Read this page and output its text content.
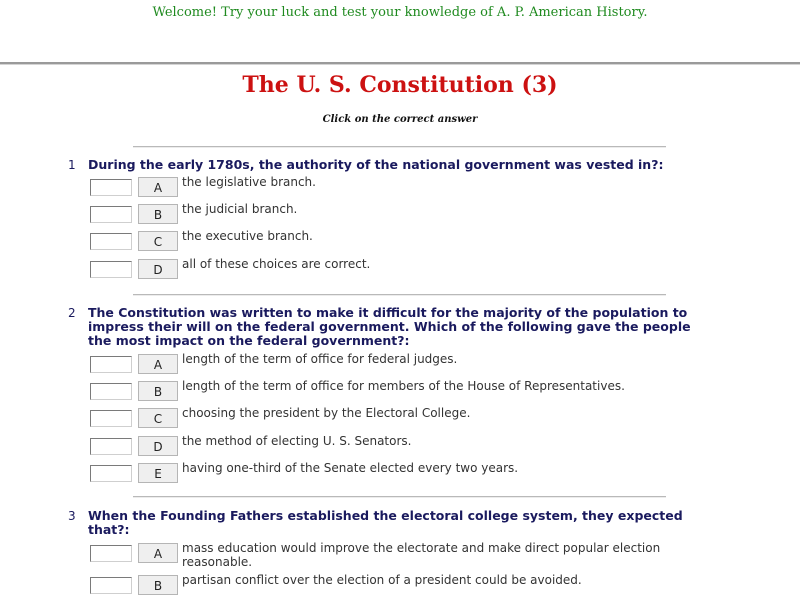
Welcome! Try your luck and test your knowledge of A. P. American History.
The U. S. Constitution (3)
Click on the correct answer
1 During the early 1780s, the authority of the national government was vested in?:
A	the legislative branch.
B	the judicial branch.
C	the executive branch.
D	all of these choices are correct.
2 The Constitution was written to make it difficult for the majority of the population to impress their will on the federal government. Which of the following gave the people the most impact on the federal government?:
A	length of the term of office for federal judges.
B	length of the term of office for members of the House of Representatives.
C	choosing the president by the Electoral College.
D	the method of electing U. S. Senators.
E	having one-third of the Senate elected every two years.
3 When the Founding Fathers established the electoral college system, they expected that?:
A	mass education would improve the electorate and make direct popular election reasonable.
B	partisan conflict over the election of a president could be avoided.
